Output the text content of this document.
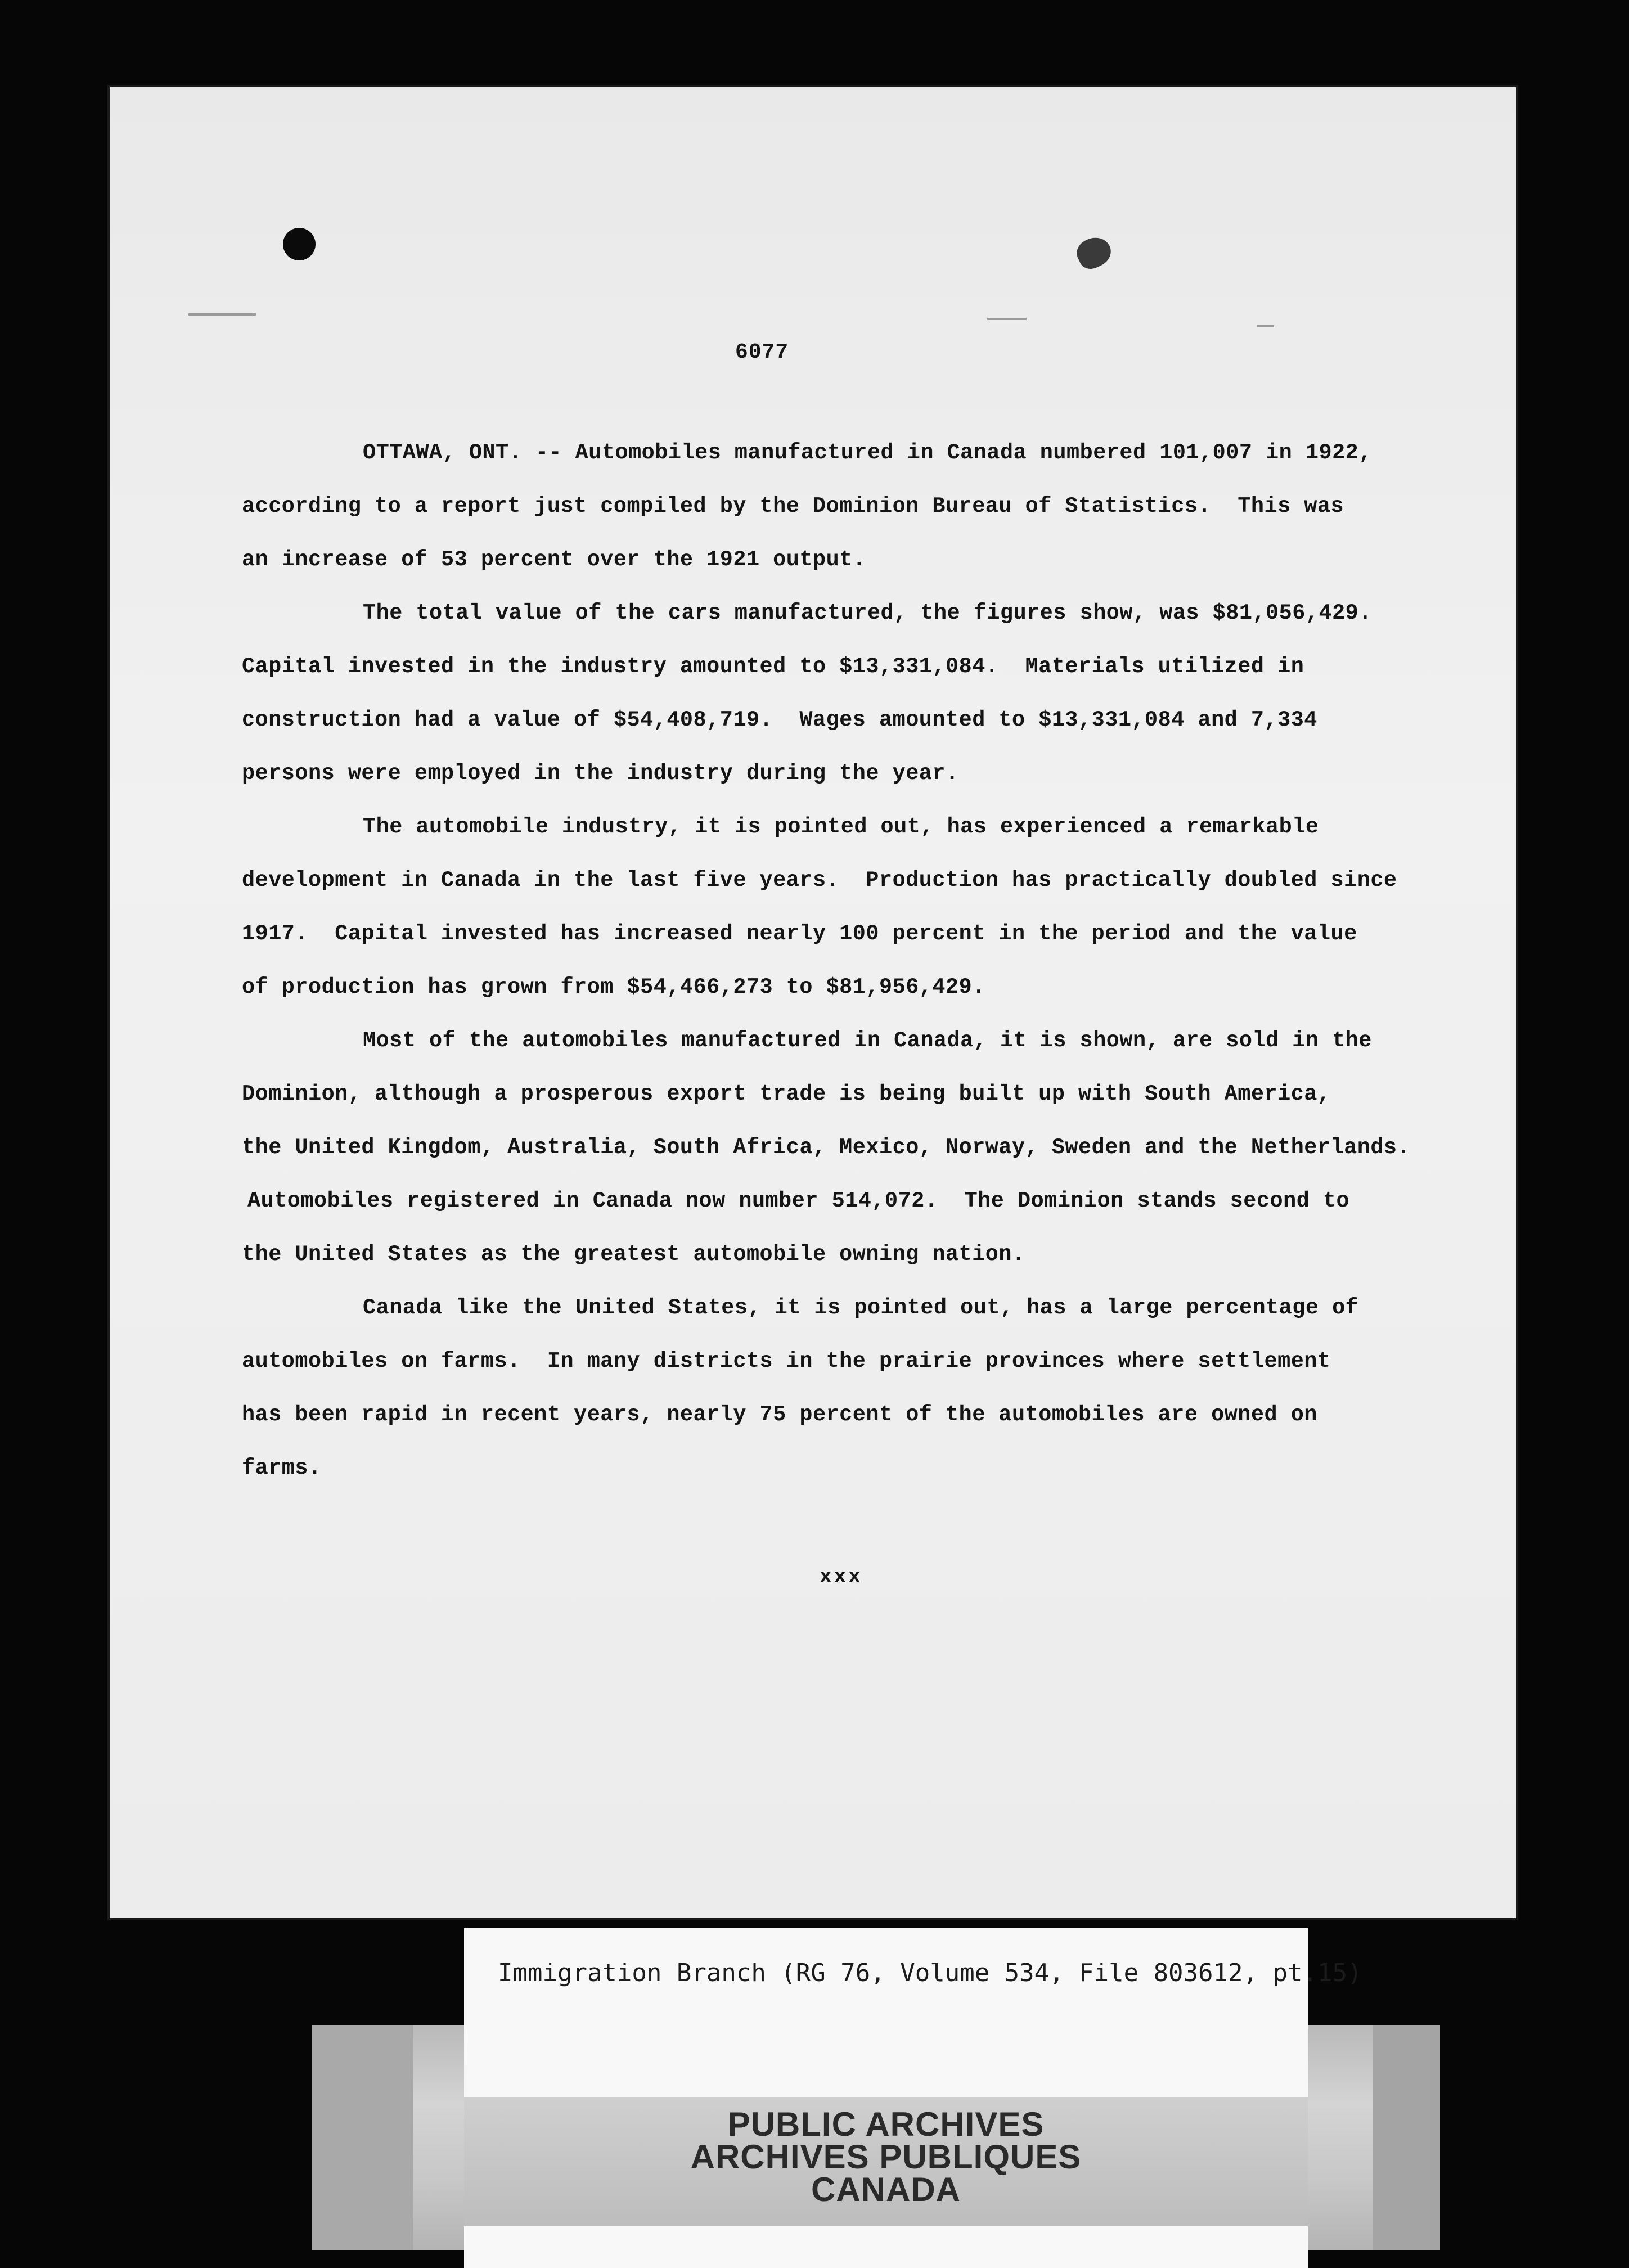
6077
OTTAWA, ONT. -- Automobiles manufactured in Canada numbered 101,007 in 1922,
according to a report just compiled by the Dominion Bureau of Statistics.  This was
an increase of 53 percent over the 1921 output.
The total value of the cars manufactured, the figures show, was $81,056,429.
Capital invested in the industry amounted to $13,331,084.  Materials utilized in
construction had a value of $54,408,719.  Wages amounted to $13,331,084 and 7,334
persons were employed in the industry during the year.
The automobile industry, it is pointed out, has experienced a remarkable
development in Canada in the last five years.  Production has practically doubled since
1917.  Capital invested has increased nearly 100 percent in the period and the value
of production has grown from $54,466,273 to $81,956,429.
Most of the automobiles manufactured in Canada, it is shown, are sold in the
Dominion, although a prosperous export trade is being built up with South America,
the United Kingdom, Australia, South Africa, Mexico, Norway, Sweden and the Netherlands.
Automobiles registered in Canada now number 514,072.  The Dominion stands second to
the United States as the greatest automobile owning nation.
Canada like the United States, it is pointed out, has a large percentage of
automobiles on farms.  In many districts in the prairie provinces where settlement
has been rapid in recent years, nearly 75 percent of the automobiles are owned on
farms.
xxx
Immigration Branch (RG 76, Volume 534, File 803612, pt.15)
PUBLIC ARCHIVES
ARCHIVES PUBLIQUES
CANADA
